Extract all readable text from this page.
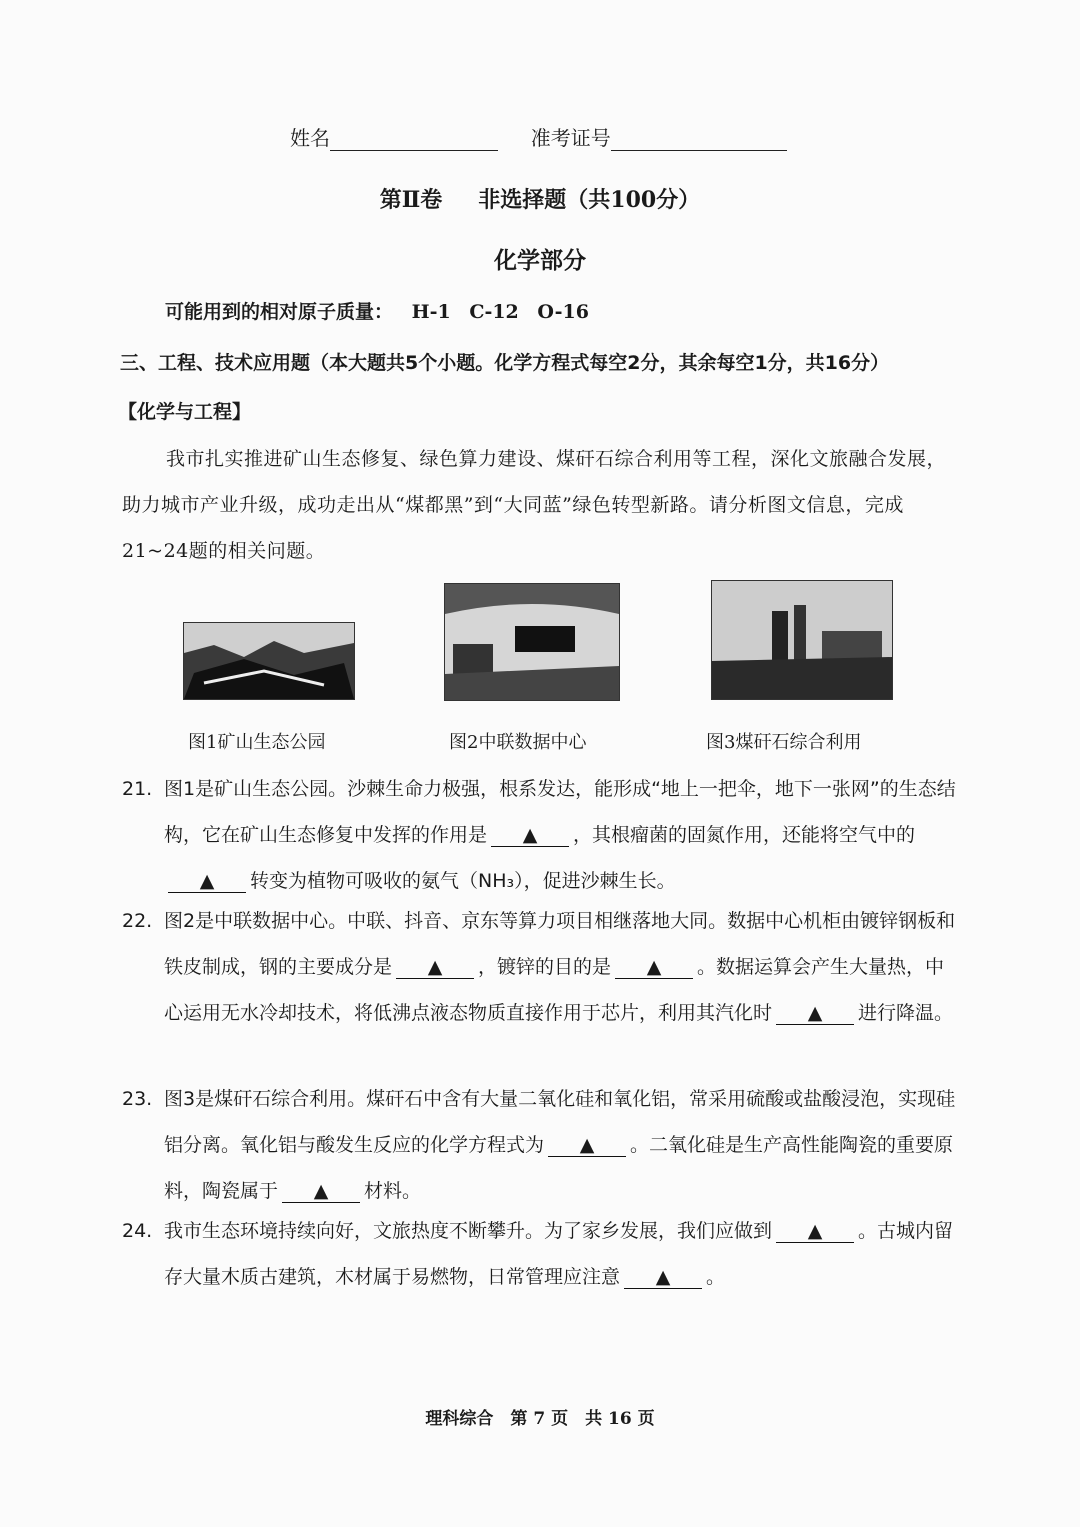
姓名	准考证号
第Ⅱ卷 非选择题（共100分）
化学部分
可能用到的相对原子质量： H-1 C-12 O-16
三、工程、技术应用题（本大题共5个小题。化学方程式每空2分，其余每空1分，共16分）
【化学与工程】
我市扎实推进矿山生态修复、绿色算力建设、煤矸石综合利用等工程，深化文旅融合发展，助力城市产业升级，成功走出从“煤都黑”到“大同蓝”绿色转型新路。请分析图文信息，完成21~24题的相关问题。
图1矿山生态公园	图2中联数据中心	图3煤矸石综合利用
21. 图1是矿山生态公园。沙棘生命力极强，根系发达，能形成“地上一把伞，地下一张网”的生态结构，它在矿山生态修复中发挥的作用是 ▲ ，其根瘤菌的固氮作用，还能将空气中的▲ 转变为植物可吸收的氨气（NH₃），促进沙棘生长。
22. 图2是中联数据中心。中联、抖音、京东等算力项目相继落地大同。数据中心机柜由镀锌钢板和铁皮制成，钢的主要成分是 ▲ ，镀锌的目的是 ▲ 。数据运算会产生大量热，中心运用无水冷却技术，将低沸点液态物质直接作用于芯片，利用其汽化时 ▲ 进行降温。
23. 图3是煤矸石综合利用。煤矸石中含有大量二氧化硅和氧化铝，常采用硫酸或盐酸浸泡，实现硅铝分离。氧化铝与酸发生反应的化学方程式为 ▲ 。二氧化硅是生产高性能陶瓷的重要原料，陶瓷属于 ▲ 材料。
24. 我市生态环境持续向好，文旅热度不断攀升。为了家乡发展，我们应做到 ▲ 。古城内留存大量木质古建筑，木材属于易燃物，日常管理应注意 ▲ 。
理科综合　第 7 页　共 16 页
